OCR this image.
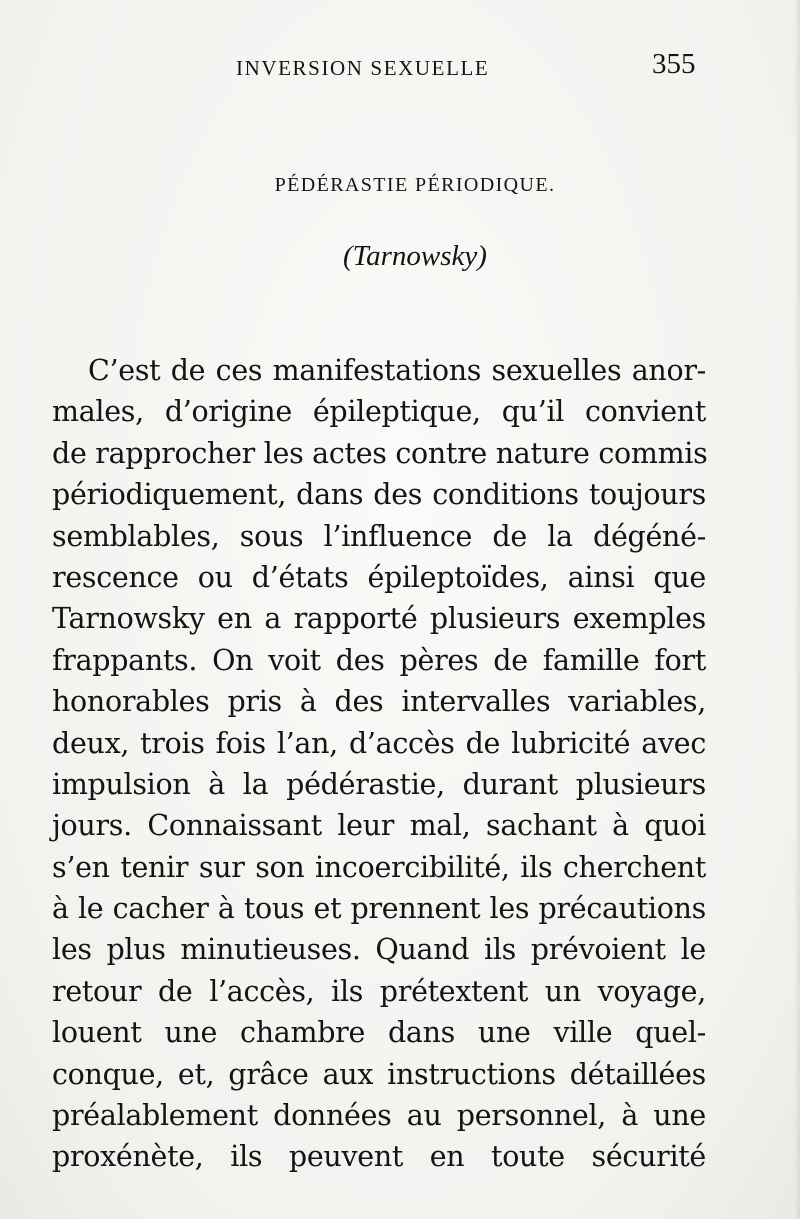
INVERSION SEXUELLE	355
PÉDÉRASTIE PÉRIODIQUE.
(Tarnowsky)
C’est de ces manifestations sexuelles anor-
males, d’origine épileptique, qu’il convient
de rapprocher les actes contre nature commis
périodiquement, dans des conditions toujours
semblables, sous l’influence de la dégéné-
rescence ou d’états épileptoïdes, ainsi que
Tarnowsky en a rapporté plusieurs exemples
frappants. On voit des pères de famille fort
honorables pris à des intervalles variables,
deux, trois fois l’an, d’accès de lubricité avec
impulsion à la pédérastie, durant plusieurs
jours. Connaissant leur mal, sachant à quoi
s’en tenir sur son incoercibilité, ils cherchent
à le cacher à tous et prennent les précautions
les plus minutieuses. Quand ils prévoient le
retour de l’accès, ils prétextent un voyage,
louent une chambre dans une ville quel-
conque, et, grâce aux instructions détaillées
préalablement données au personnel, à une
proxénète, ils peuvent en toute sécurité
